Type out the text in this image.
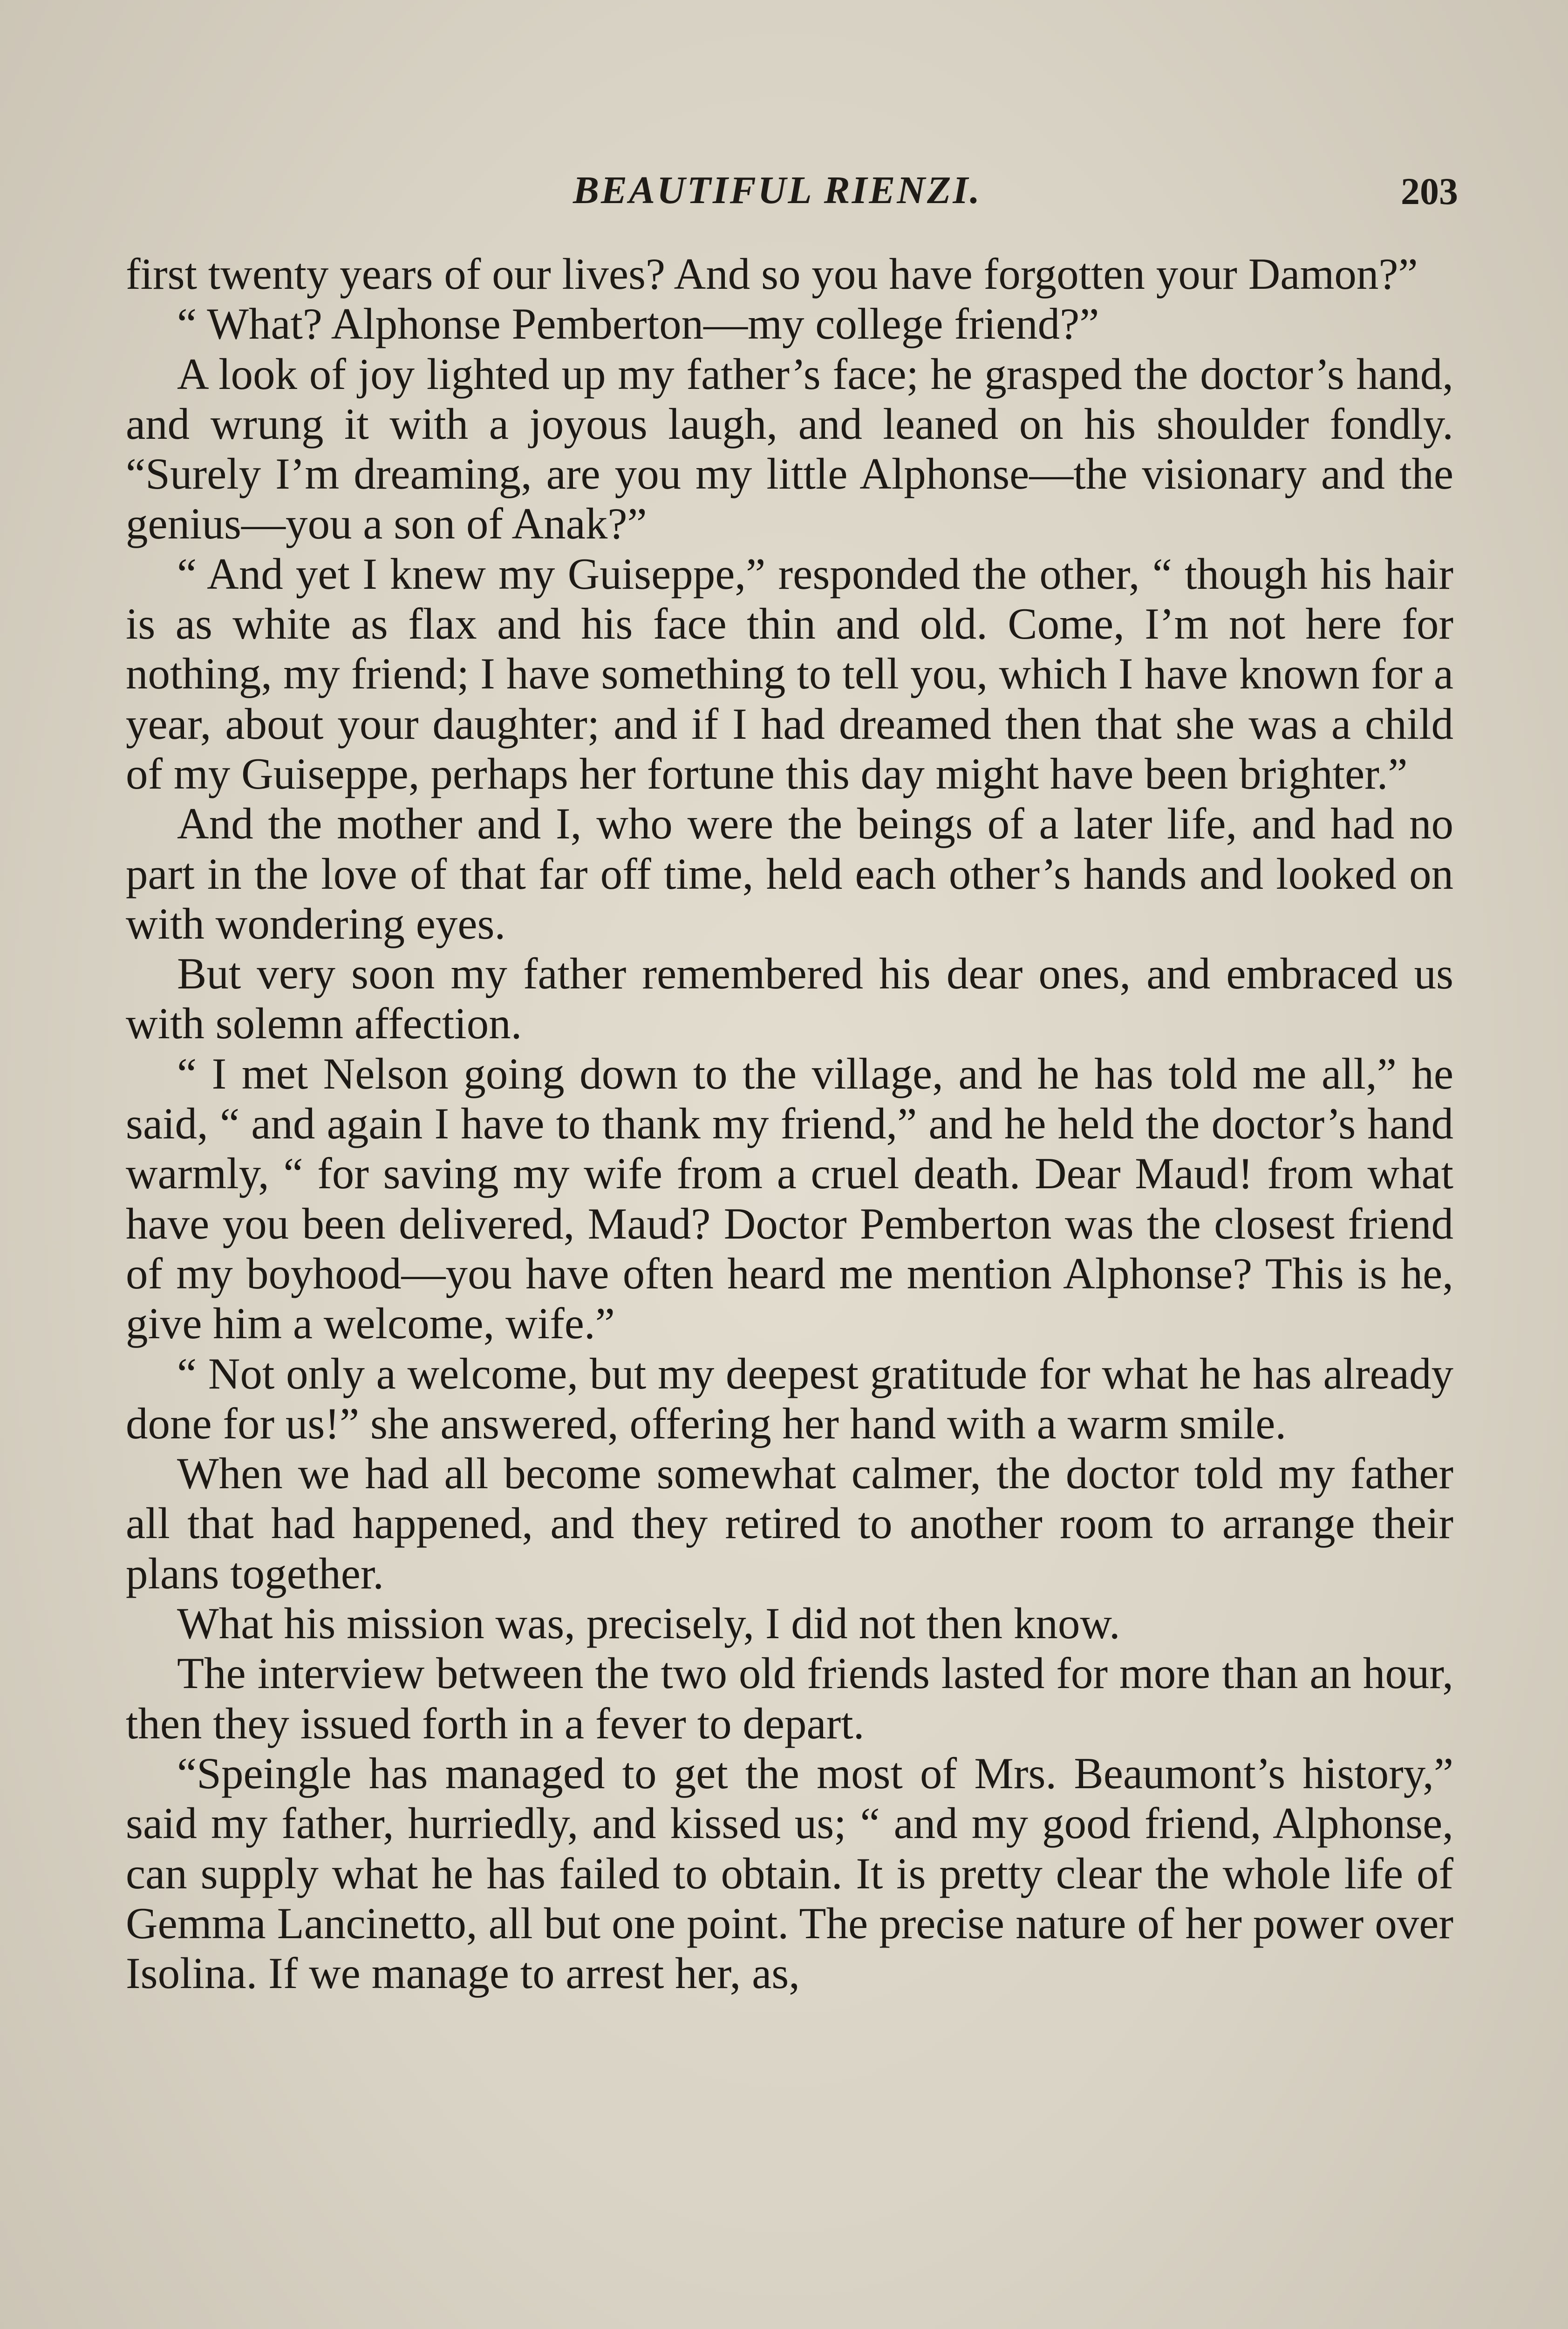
BEAUTIFUL RIENZI.	203

first twenty years of our lives? And so you have forgotten your Damon?”

“ What? Alphonse Pemberton—my college friend?”

A look of joy lighted up my father’s face; he grasped the doctor’s hand, and wrung it with a joyous laugh, and leaned on his shoulder fondly. “Surely I’m dreaming, are you my little Alphonse—the visionary and the genius—you a son of Anak?”

“ And yet I knew my Guiseppe,” responded the other, “ though his hair is as white as flax and his face thin and old. Come, I’m not here for nothing, my friend; I have something to tell you, which I have known for a year, about your daughter; and if I had dreamed then that she was a child of my Guiseppe, perhaps her fortune this day might have been brighter.”

And the mother and I, who were the beings of a later life, and had no part in the love of that far off time, held each other’s hands and looked on with wondering eyes.

But very soon my father remembered his dear ones, and embraced us with solemn affection.

“ I met Nelson going down to the village, and he has told me all,” he said, “ and again I have to thank my friend,” and he held the doctor’s hand warmly, “ for saving my wife from a cruel death. Dear Maud! from what have you been delivered, Maud? Doctor Pemberton was the closest friend of my boyhood—you have often heard me mention Alphonse? This is he, give him a welcome, wife.”

“ Not only a welcome, but my deepest gratitude for what he has already done for us!” she answered, offering her hand with a warm smile.

When we had all become somewhat calmer, the doctor told my father all that had happened, and they retired to another room to arrange their plans together.

What his mission was, precisely, I did not then know.

The interview between the two old friends lasted for more than an hour, then they issued forth in a fever to depart.

“Speingle has managed to get the most of Mrs. Beaumont’s history,” said my father, hurriedly, and kissed us; “ and my good friend, Alphonse, can supply what he has failed to obtain. It is pretty clear the whole life of Gemma Lancinetto, all but one point. The precise nature of her power over Isolina. If we manage to arrest her, as,
